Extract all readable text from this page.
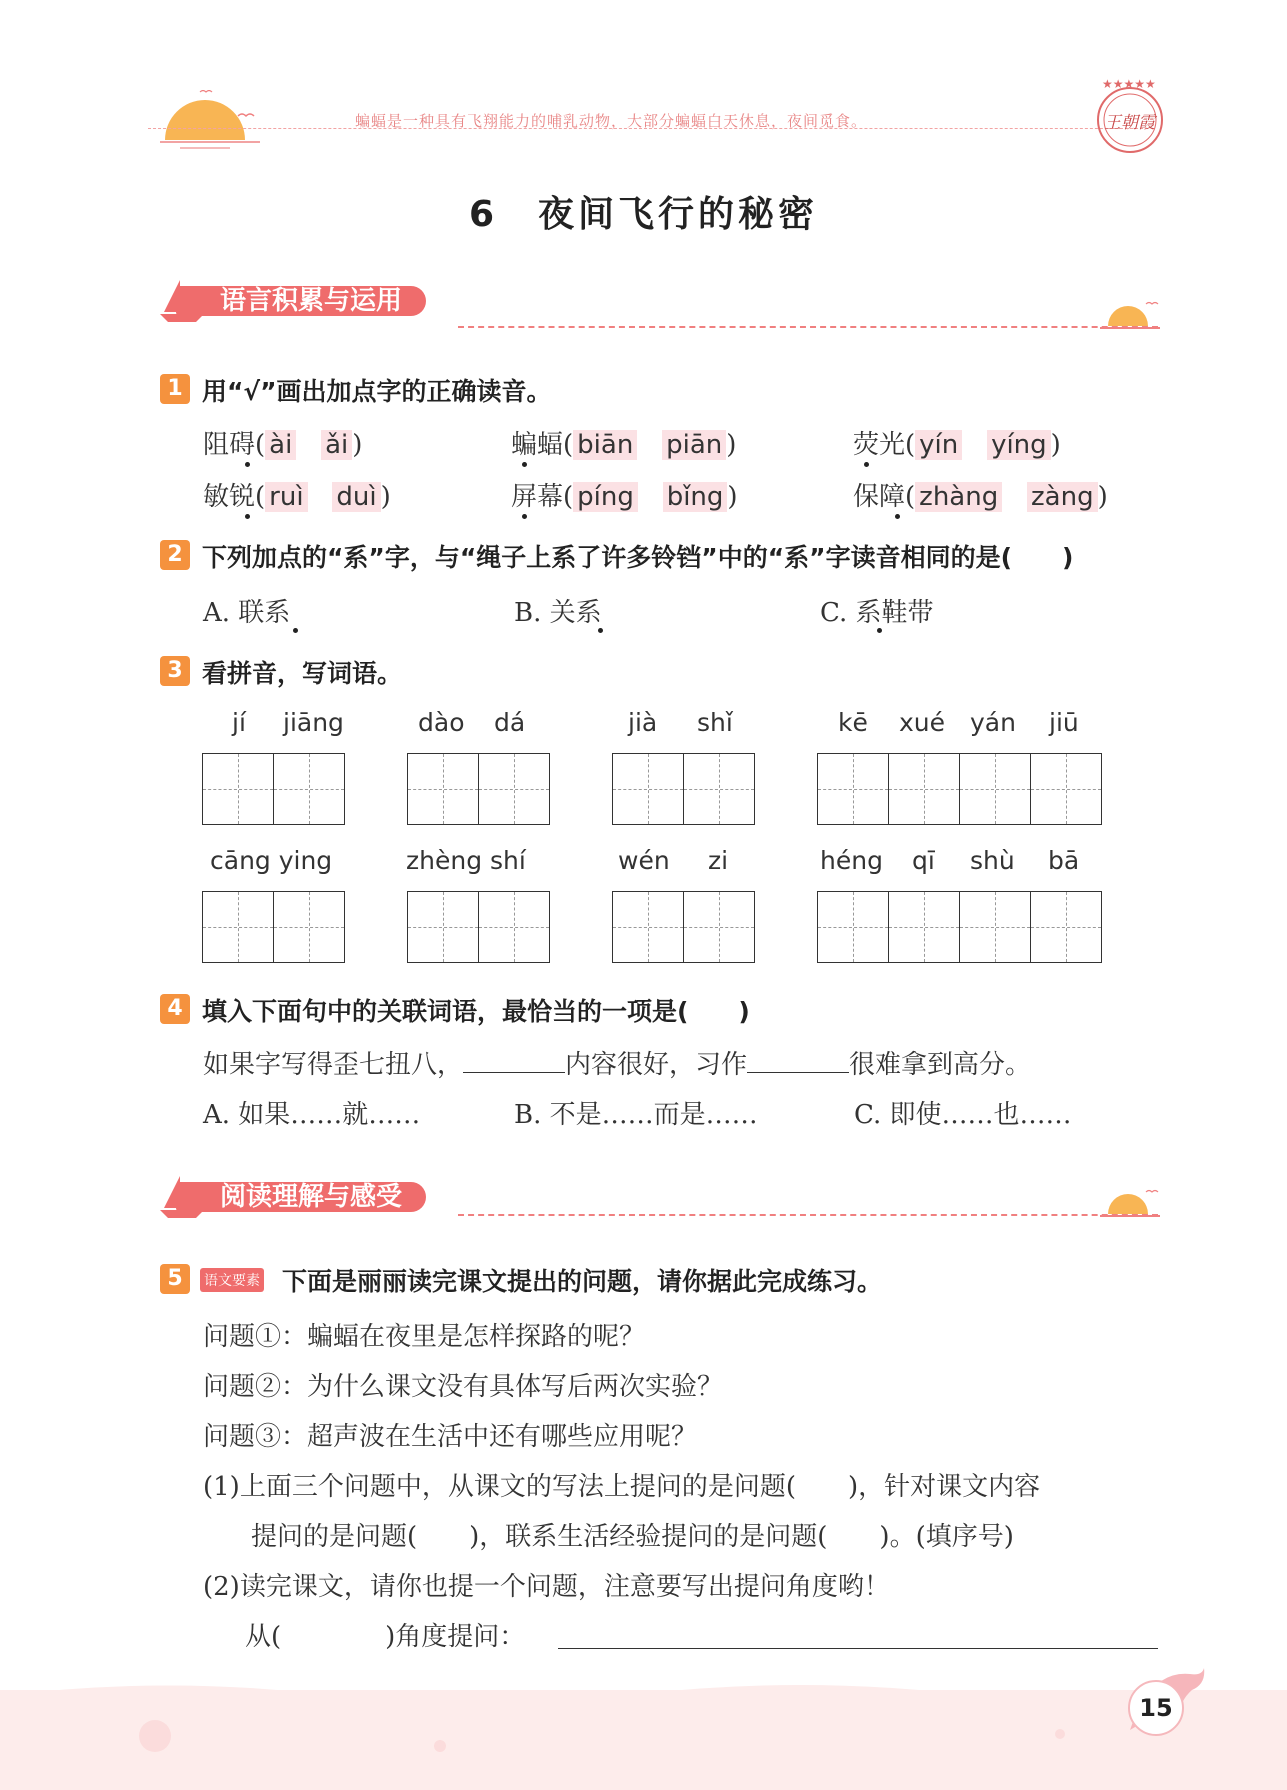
蝙蝠是一种具有飞翔能力的哺乳动物，大部分蝙蝠白天休息，夜间觅食。
★★★★★
王朝霞
6　夜间飞行的秘密
语言积累与运用
1 用“√”画出加点字的正确读音。
阻碍( ài ǎi )	蝙蝠( biān piān )	荧光( yín yíng )
敏锐( ruì duì )	屏幕( píng bǐng )	保障( zhàng zàng )
2 下列加点的“系”字，与“绳子上系了许多铃铛”中的“系”字读音相同的是(　　)
A. 联系	B. 关系	C. 系鞋带
3 看拼音，写词语。
jí jiāng	dào dá	jià shǐ	kē xué yán jiū
cāng ying	zhèng shí	wén zi	héng qī shù bā
4 填入下面句中的关联词语，最恰当的一项是(　　)
如果字写得歪七扭八，	内容很好，习作	很难拿到高分。
A. 如果……就……	B. 不是……而是……	C. 即使……也……
阅读理解与感受
5	语文要素 下面是丽丽读完课文提出的问题，请你据此完成练习。
问题①：蝙蝠在夜里是怎样探路的呢？
问题②：为什么课文没有具体写后两次实验？
问题③：超声波在生活中还有哪些应用呢？
(1)上面三个问题中，从课文的写法上提问的是问题(　　)，针对课文内容
提问的是问题(　　)，联系生活经验提问的是问题(　　)。(填序号)
(2)读完课文，请你也提一个问题，注意要写出提问角度哟！
从(　　　　)角度提问：
15
